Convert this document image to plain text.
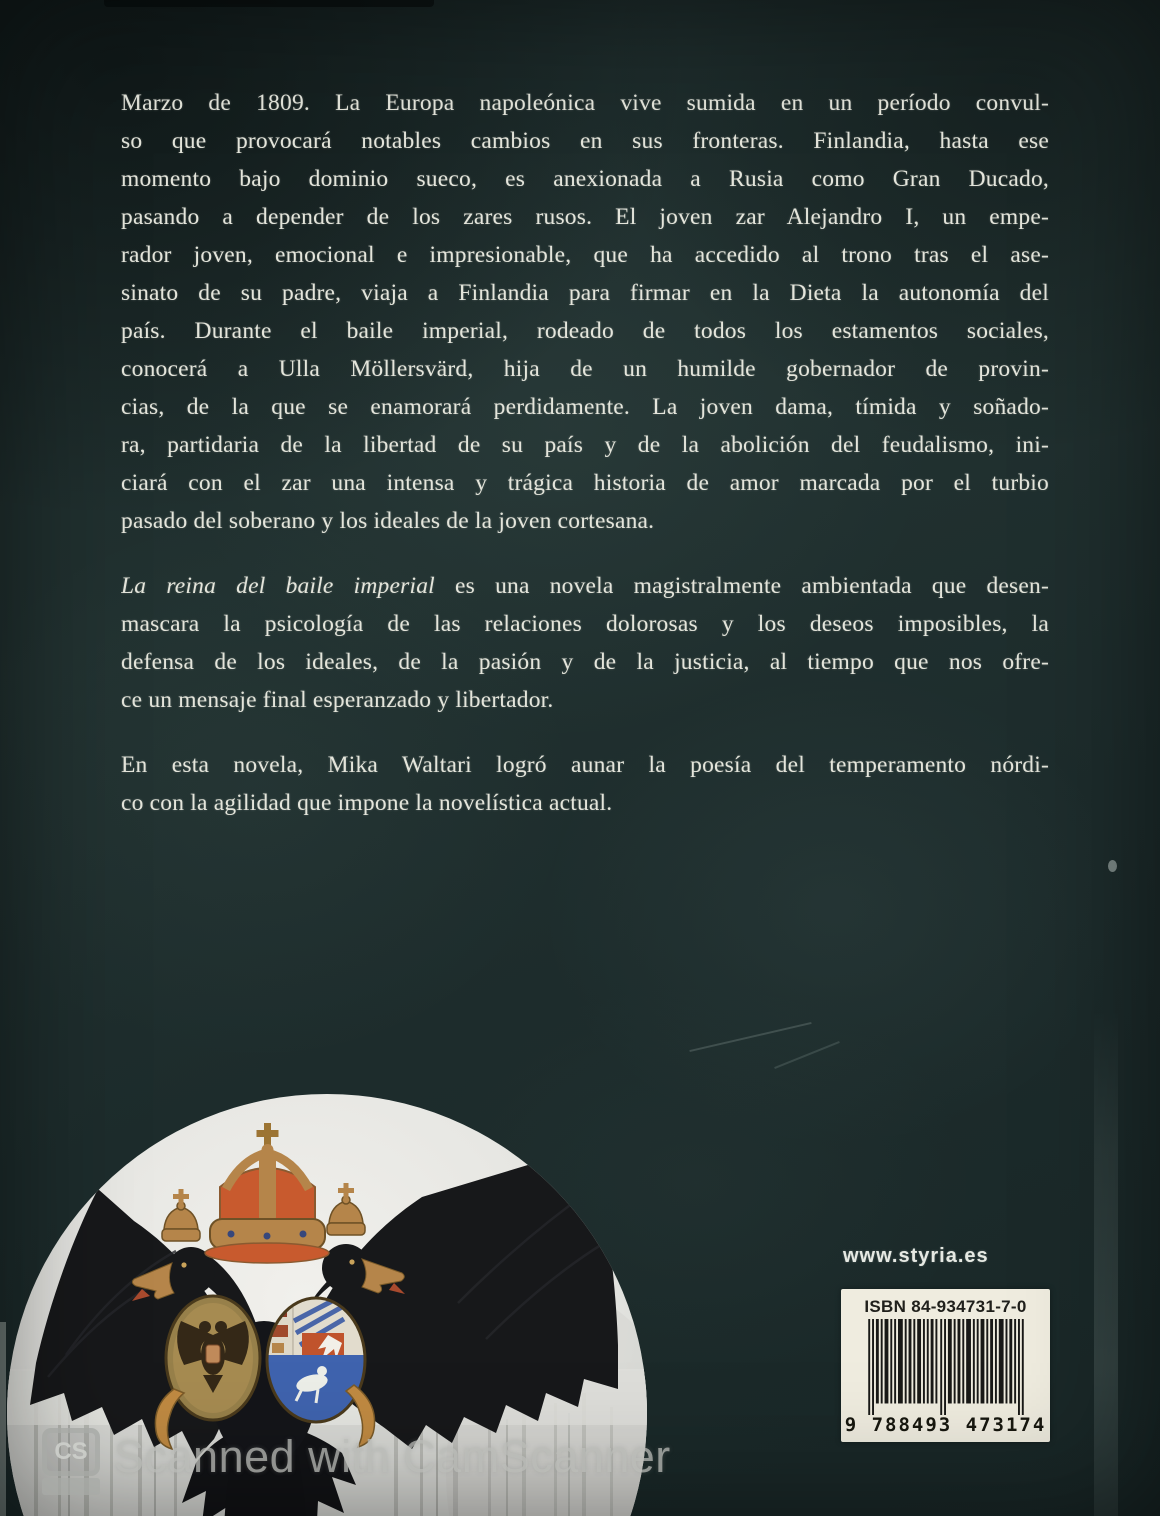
Marzo de 1809. La Europa napoleónica vive sumida en un período convul-
so que provocará notables cambios en sus fronteras. Finlandia, hasta ese
momento bajo dominio sueco, es anexionada a Rusia como Gran Ducado,
pasando a depender de los zares rusos. El joven zar Alejandro I, un empe-
rador joven, emocional e impresionable, que ha accedido al trono tras el ase-
sinato de su padre, viaja a Finlandia para firmar en la Dieta la autonomía del
país. Durante el baile imperial, rodeado de todos los estamentos sociales,
conocerá a Ulla Möllersvärd, hija de un humilde gobernador de provin-
cias, de la que se enamorará perdidamente. La joven dama, tímida y soñado-
ra, partidaria de la libertad de su país y de la abolición del feudalismo, ini-
ciará con el zar una intensa y trágica historia de amor marcada por el turbio
pasado del soberano y los ideales de la joven cortesana.
La reina del baile imperial es una novela magistralmente ambientada que desen-
mascara la psicología de las relaciones dolorosas y los deseos imposibles, la
defensa de los ideales, de la pasión y de la justicia, al tiempo que nos ofre-
ce un mensaje final esperanzado y libertador.
En esta novela, Mika Waltari logró aunar la poesía del temperamento nórdi-
co con la agilidad que impone la novelística actual.
www.styria.es
ISBN 84-934731-7-0
9 788493 473174
CS Scanned with CamScanner
